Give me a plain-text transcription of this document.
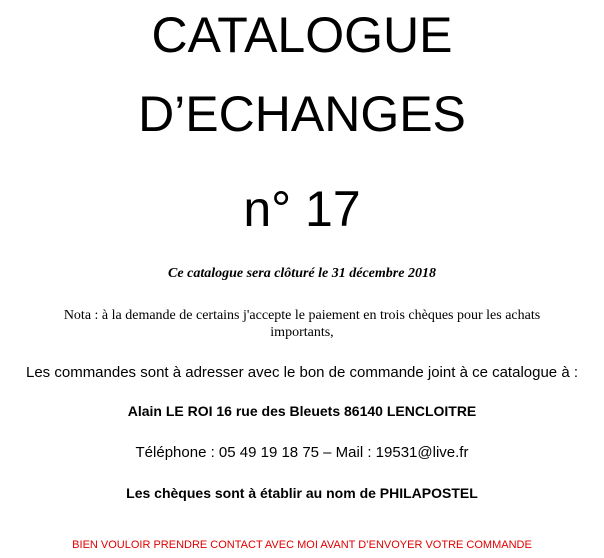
CATALOGUE
D’ECHANGES
n° 17
Ce catalogue sera clôturé le 31 décembre 2018
Nota : à la demande de certains j'accepte le paiement en trois chèques pour les achats
importants,
Les commandes sont à adresser avec le bon de commande joint à ce catalogue à :
Alain LE ROI 16 rue des Bleuets 86140 LENCLOITRE
Téléphone : 05 49 19 18 75 – Mail : 19531@live.fr
Les chèques sont à établir au nom de PHILAPOSTEL
BIEN VOULOIR PRENDRE CONTACT AVEC MOI AVANT D’ENVOYER VOTRE COMMANDE
